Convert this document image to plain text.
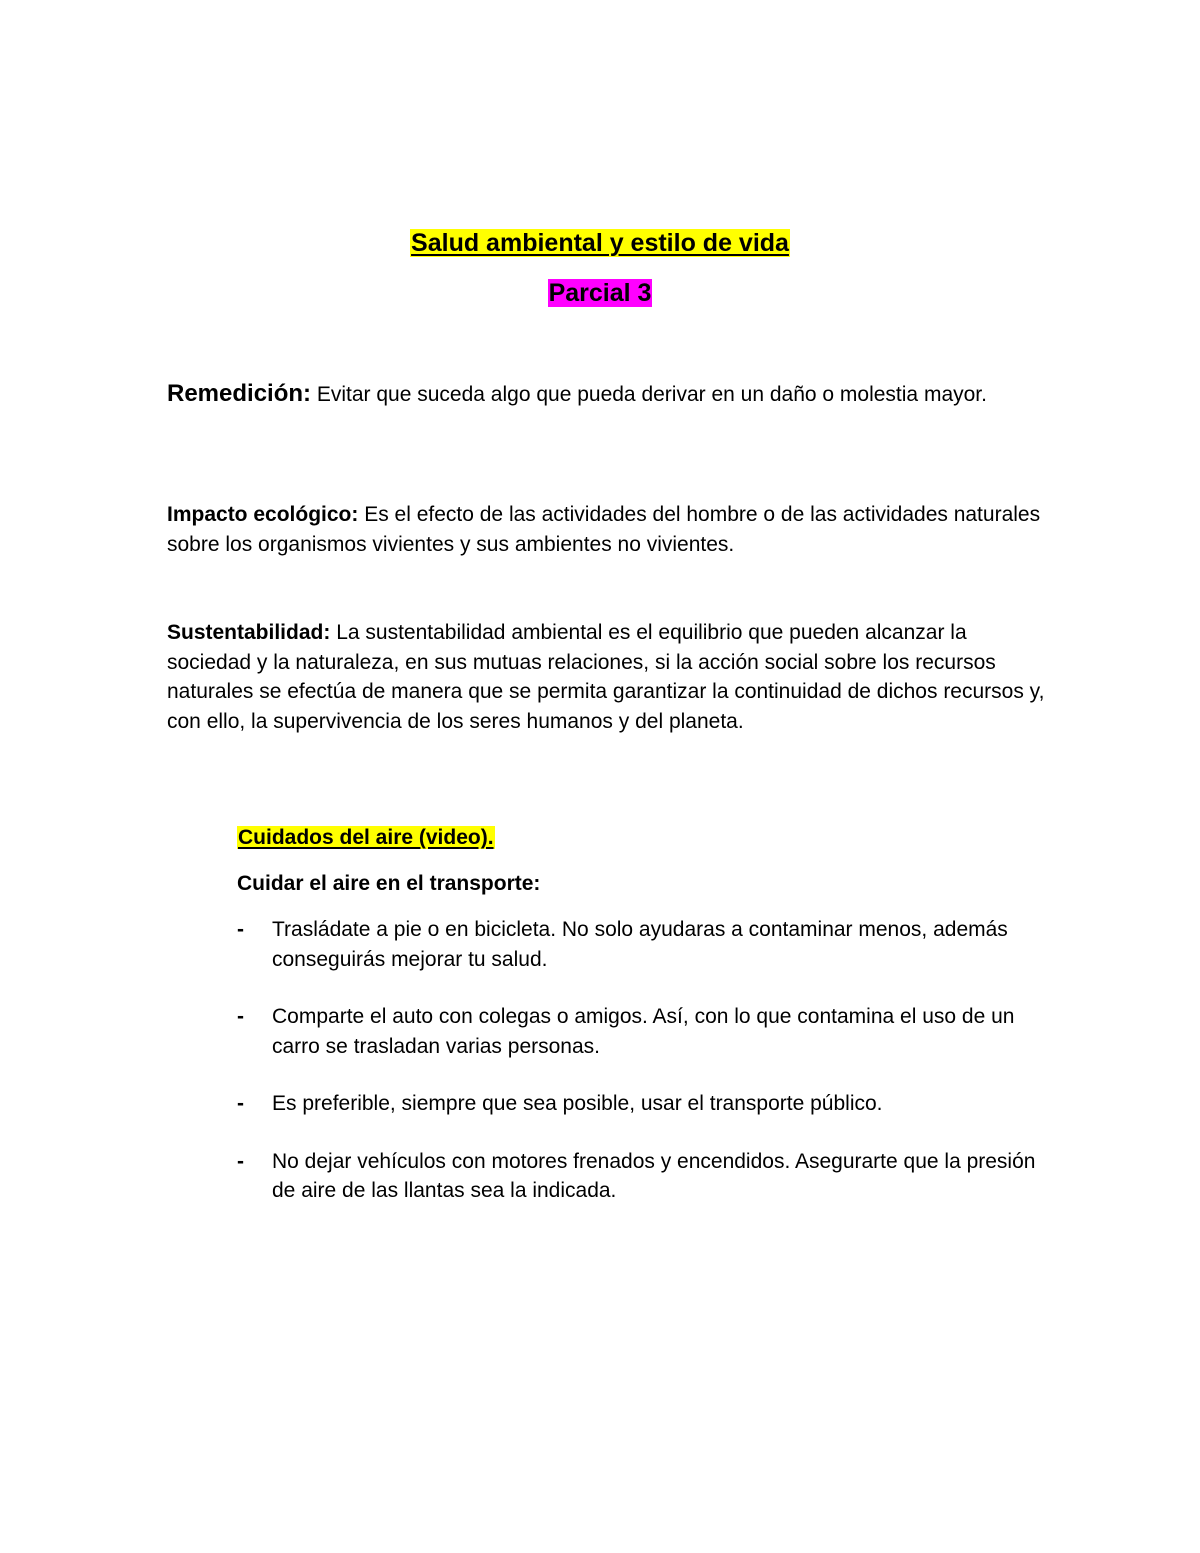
Salud ambiental y estilo de vida
Parcial 3
Remedición: Evitar que suceda algo que pueda derivar en un daño o molestia mayor.
Impacto ecológico: Es el efecto de las actividades del hombre o de las actividades naturales sobre los organismos vivientes y sus ambientes no vivientes.
Sustentabilidad: La sustentabilidad ambiental es el equilibrio que pueden alcanzar la sociedad y la naturaleza, en sus mutuas relaciones, si la acción social sobre los recursos naturales se efectúa de manera que se permita garantizar la continuidad de dichos recursos y, con ello, la supervivencia de los seres humanos y del planeta.
Cuidados del aire (video).
Cuidar el aire en el transporte:
- Trasládate a pie o en bicicleta. No solo ayudaras a contaminar menos, además conseguirás mejorar tu salud.
- Comparte el auto con colegas o amigos. Así, con lo que contamina el uso de un carro se trasladan varias personas.
- Es preferible, siempre que sea posible, usar el transporte público.
- No dejar vehículos con motores frenados y encendidos. Asegurarte que la presión de aire de las llantas sea la indicada.
